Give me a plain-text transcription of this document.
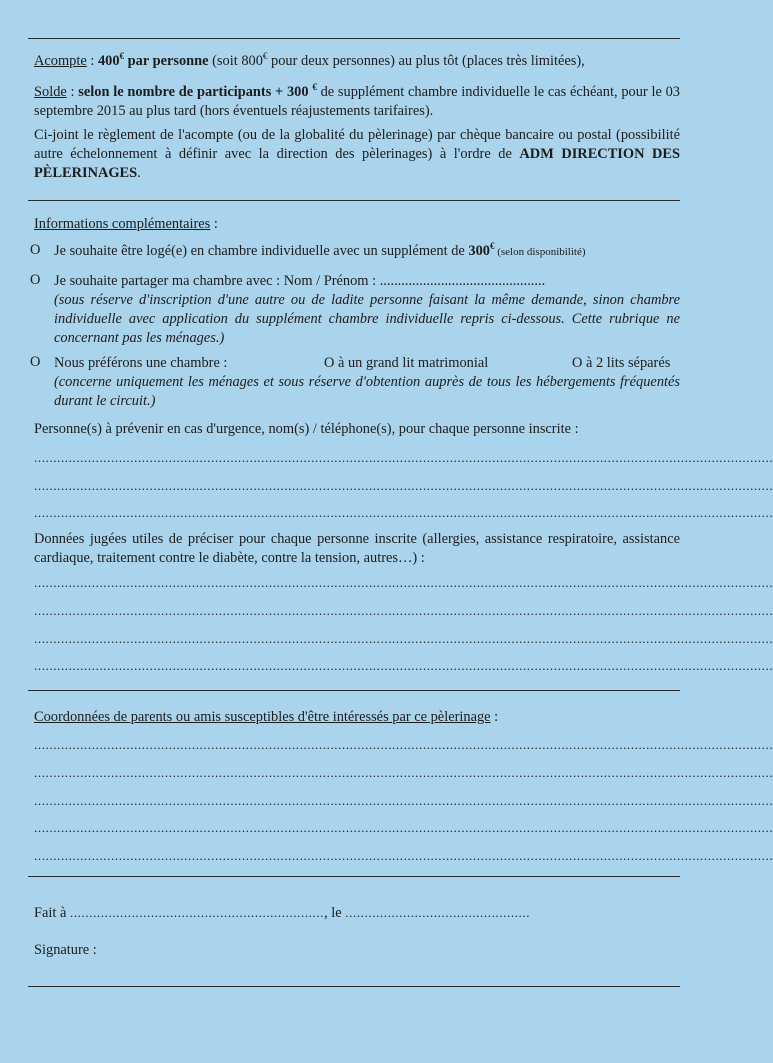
Acompte : 400€ par personne (soit 800€ pour deux personnes) au plus tôt (places très limitées),

Solde : selon le nombre de participants + 300 € de supplément chambre individuelle le cas échéant, pour le 03 septembre 2015 au plus tard (hors éventuels réajustements tarifaires).

Ci-joint le règlement de l'acompte (ou de la globalité du pèlerinage) par chèque bancaire ou postal (possibilité autre échelonnement à définir avec la direction des pèlerinages) à l'ordre de ADM DIRECTION DES PÈLERINAGES.

Informations complémentaires :

O Je souhaite être logé(e) en chambre individuelle avec un supplément de 300€ (selon disponibilité)

O Je souhaite partager ma chambre avec : Nom / Prénom : ..............................................
(sous réserve d'inscription d'une autre ou de ladite personne faisant la même demande, sinon chambre individuelle avec application du supplément chambre individuelle repris ci-dessous. Cette rubrique ne concernant pas les ménages.)

O Nous préférons une chambre :	O à un grand lit matrimonial	O à 2 lits séparés

(concerne uniquement les ménages et sous réserve d'obtention auprès de tous les hébergements fréquentés durant le circuit.)

Personne(s) à prévenir en cas d'urgence, nom(s) / téléphone(s), pour chaque personne inscrite :

................................................................................................................................................................................................
................................................................................................................................................................................................
................................................................................................................................................................................................

Données jugées utiles de préciser pour chaque personne inscrite (allergies, assistance respiratoire, assistance cardiaque, traitement contre le diabète, contre la tension, autres…) :

................................................................................................................................................................................................
................................................................................................................................................................................................
................................................................................................................................................................................................
................................................................................................................................................................................................

Coordonnées de parents ou amis susceptibles d'être intéressés par ce pèlerinage :

................................................................................................................................................................................................
................................................................................................................................................................................................
................................................................................................................................................................................................
................................................................................................................................................................................................
................................................................................................................................................................................................
Fait à .................................................................., le ................................................

Signature :
